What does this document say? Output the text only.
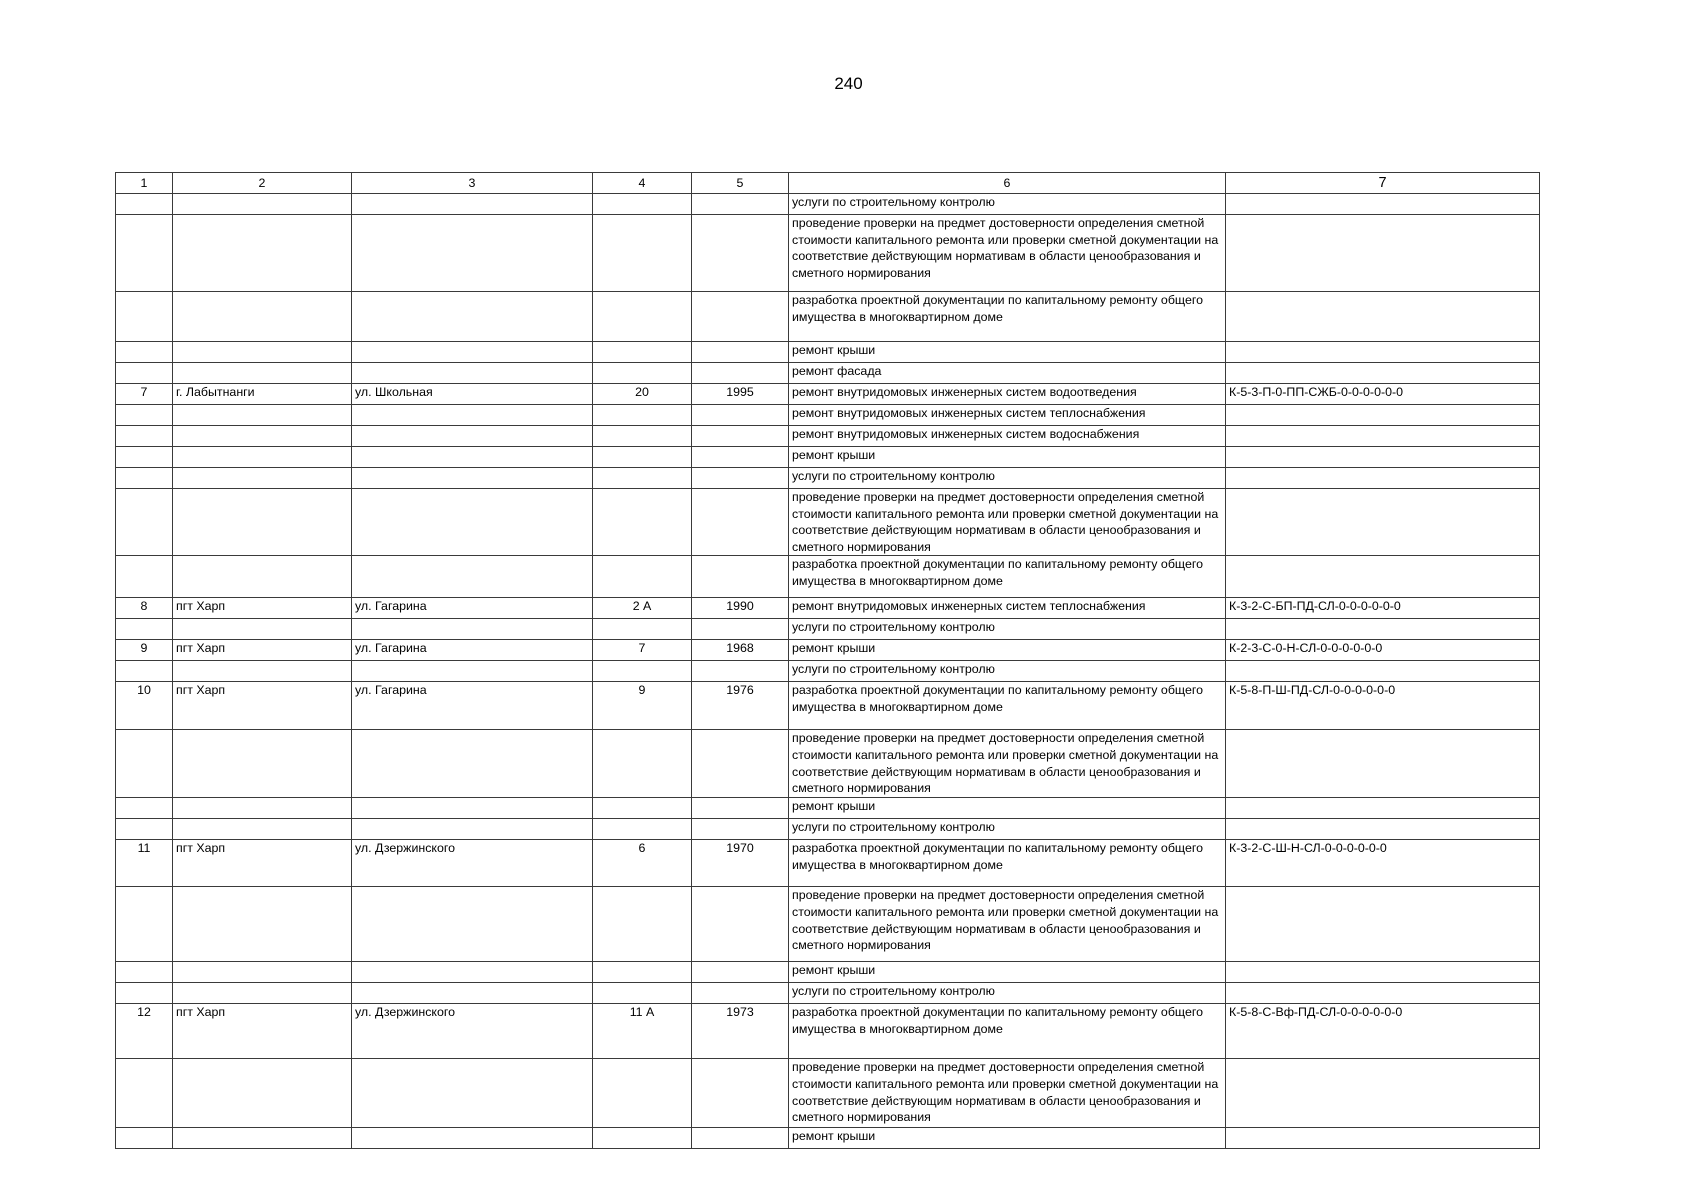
240
1	2	3	4	5	6	7
					услуги по строительному контролю	
					проведение проверки на предмет достоверности определения сметной стоимости капитального ремонта или проверки сметной документации на соответствие действующим нормативам в области ценообразования и сметного нормирования	
					разработка проектной документации по капитальному ремонту общего имущества в многоквартирном доме	
					ремонт крыши	
					ремонт фасада	
7	г. Лабытнанги	ул. Школьная	20	1995	ремонт внутридомовых инженерных систем водоотведения	К-5-3-П-0-ПП-СЖБ-0-0-0-0-0-0
					ремонт внутридомовых инженерных систем теплоснабжения	
					ремонт внутридомовых инженерных систем водоснабжения	
					ремонт крыши	
					услуги по строительному контролю	
					проведение проверки на предмет достоверности определения сметной стоимости капитального ремонта или проверки сметной документации на соответствие действующим нормативам в области ценообразования и сметного нормирования	
					разработка проектной документации по капитальному ремонту общего имущества в многоквартирном доме	
8	пгт Харп	ул. Гагарина	2 А	1990	ремонт внутридомовых инженерных систем теплоснабжения	К-3-2-С-БП-ПД-СЛ-0-0-0-0-0-0
					услуги по строительному контролю	
9	пгт Харп	ул. Гагарина	7	1968	ремонт крыши	К-2-3-С-0-Н-СЛ-0-0-0-0-0-0
					услуги по строительному контролю	
10	пгт Харп	ул. Гагарина	9	1976	разработка проектной документации по капитальному ремонту общего имущества в многоквартирном доме	К-5-8-П-Ш-ПД-СЛ-0-0-0-0-0-0
					проведение проверки на предмет достоверности определения сметной стоимости капитального ремонта или проверки сметной документации на соответствие действующим нормативам в области ценообразования и сметного нормирования	
					ремонт крыши	
					услуги по строительному контролю	
11	пгт Харп	ул. Дзержинского	6	1970	разработка проектной документации по капитальному ремонту общего имущества в многоквартирном доме	К-3-2-С-Ш-Н-СЛ-0-0-0-0-0-0
					проведение проверки на предмет достоверности определения сметной стоимости капитального ремонта или проверки сметной документации на соответствие действующим нормативам в области ценообразования и сметного нормирования	
					ремонт крыши	
					услуги по строительному контролю	
12	пгт Харп	ул. Дзержинского	11 А	1973	разработка проектной документации по капитальному ремонту общего имущества в многоквартирном доме	К-5-8-С-Вф-ПД-СЛ-0-0-0-0-0-0
					проведение проверки на предмет достоверности определения сметной стоимости капитального ремонта или проверки сметной документации на соответствие действующим нормативам в области ценообразования и сметного нормирования	
					ремонт крыши	
